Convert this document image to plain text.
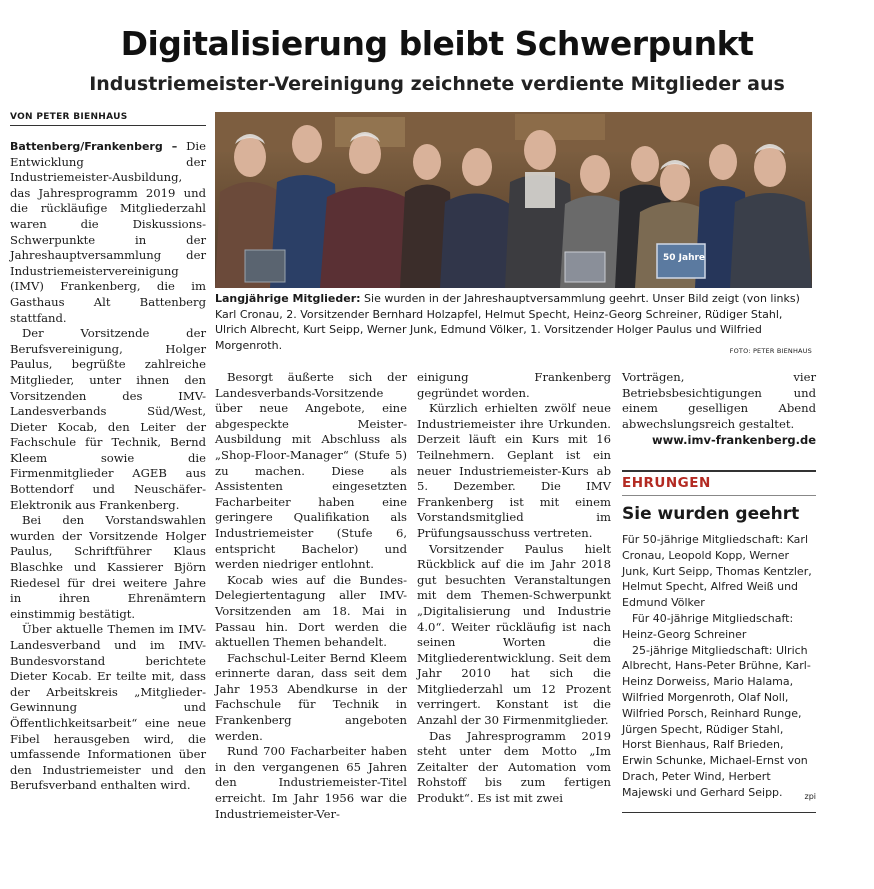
Digitalisierung bleibt Schwerpunkt
Industriemeister-Vereinigung zeichnete verdiente Mitglieder aus
VON PETER BIENHAUS

Battenberg/Frankenberg – Die Entwicklung der Industriemeister-Ausbildung, das Jahresprogramm 2019 und die rückläufige Mitgliederzahl waren die Diskussions-Schwerpunkte in der Jahreshauptversammlung der Industriemeistervereinigung (IMV) Frankenberg, die im Gasthaus Alt Battenberg stattfand.

Der Vorsitzende der Berufsvereinigung, Holger Paulus, begrüßte zahlreiche Mitglieder, unter ihnen den Vorsitzenden des IMV-Landesverbands Süd/West, Dieter Kocab, den Leiter der Fachschule für Technik, Bernd Kleem sowie die Firmenmitglieder AGEB aus Bottendorf und Neuschäfer-Elektronik aus Frankenberg.

Bei den Vorstandswahlen wurden der Vorsitzende Holger Paulus, Schriftführer Klaus Blaschke und Kassierer Björn Riedesel für drei weitere Jahre in ihren Ehrenämtern einstimmig bestätigt.

Über aktuelle Themen im IMV-Landesverband und im IMV-Bundesvorstand berichtete Dieter Kocab. Er teilte mit, dass der Arbeitskreis „Mitglieder-Gewinnung und Öffentlichkeitsarbeit“ eine neue Fibel herausgeben wird, die umfassende Informationen über den Industriemeister und den Berufsverband enthalten wird.

50 Jahre
Langjährige Mitglieder: Sie wurden in der Jahreshauptversammlung geehrt. Unser Bild zeigt (von links) Karl Cronau, 2. Vorsitzender Bernhard Holzapfel, Helmut Specht, Heinz-Georg Schreiner, Rüdiger Stahl, Ulrich Albrecht, Kurt Seipp, Werner Junk, Edmund Völker, 1. Vorsitzender Holger Paulus und Wilfried Morgenroth.	FOTO: PETER BIENHAUS

Besorgt äußerte sich der Landesverbands-Vorsitzende über neue Angebote, eine abgespeckte Meister-Ausbildung mit Abschluss als „Shop-Floor-Manager“ (Stufe 5) zu machen. Diese als Assistenten eingesetzten Facharbeiter haben eine geringere Qualifikation als Industriemeister (Stufe 6, entspricht Bachelor) und werden niedriger entlohnt.

Kocab wies auf die Bundes-Delegiertentagung aller IMV-Vorsitzenden am 18. Mai in Passau hin. Dort werden die aktuellen Themen behandelt.

Fachschul-Leiter Bernd Kleem erinnerte daran, dass seit dem Jahr 1953 Abendkurse in der Fachschule für Technik in Frankenberg angeboten werden.

Rund 700 Facharbeiter haben in den vergangenen 65 Jahren den Industriemeister-Titel erreicht. Im Jahr 1956 war die Industriemeister-Ver-

einigung Frankenberg gegründet worden.

Kürzlich erhielten zwölf neue Industriemeister ihre Urkunden. Derzeit läuft ein Kurs mit 16 Teilnehmern. Geplant ist ein neuer Industriemeister-Kurs ab 5. Dezember. Die IMV Frankenberg ist mit einem Vorstandsmitglied im Prüfungsausschuss vertreten.

Vorsitzender Paulus hielt Rückblick auf die im Jahr 2018 gut besuchten Veranstaltungen mit dem Themen-Schwerpunkt „Digitalisierung und Industrie 4.0“. Weiter rückläufig ist nach seinen Worten die Mitgliederentwicklung. Seit dem Jahr 2010 hat sich die Mitgliederzahl um 12 Prozent verringert. Konstant ist die Anzahl der 30 Firmenmitglieder.

Das Jahresprogramm 2019 steht unter dem Motto „Im Zeitalter der Automation vom Rohstoff bis zum fertigen Produkt“. Es ist mit zwei

Vorträgen, vier Betriebsbesichtigungen und einem geselligen Abend abwechslungsreich gestaltet.

www.imv-frankenberg.de
EHRUNGEN
Sie wurden geehrt

Für 50-jährige Mitgliedschaft: Karl Cronau, Leopold Kopp, Werner Junk, Kurt Seipp, Thomas Kentzler, Helmut Specht, Alfred Weiß und Edmund Völker

Für 40-jährige Mitgliedschaft: Heinz-Georg Schreiner

25-jährige Mitgliedschaft: Ulrich Albrecht, Hans-Peter Brühne, Karl-Heinz Dorweiss, Mario Halama, Wilfried Morgenroth, Olaf Noll, Wilfried Porsch, Reinhard Runge, Jürgen Specht, Rüdiger Stahl, Horst Bienhaus, Ralf Brieden, Erwin Schunke, Michael-Ernst von Drach, Peter Wind, Herbert Majewski und Gerhard Seipp.	zpi
